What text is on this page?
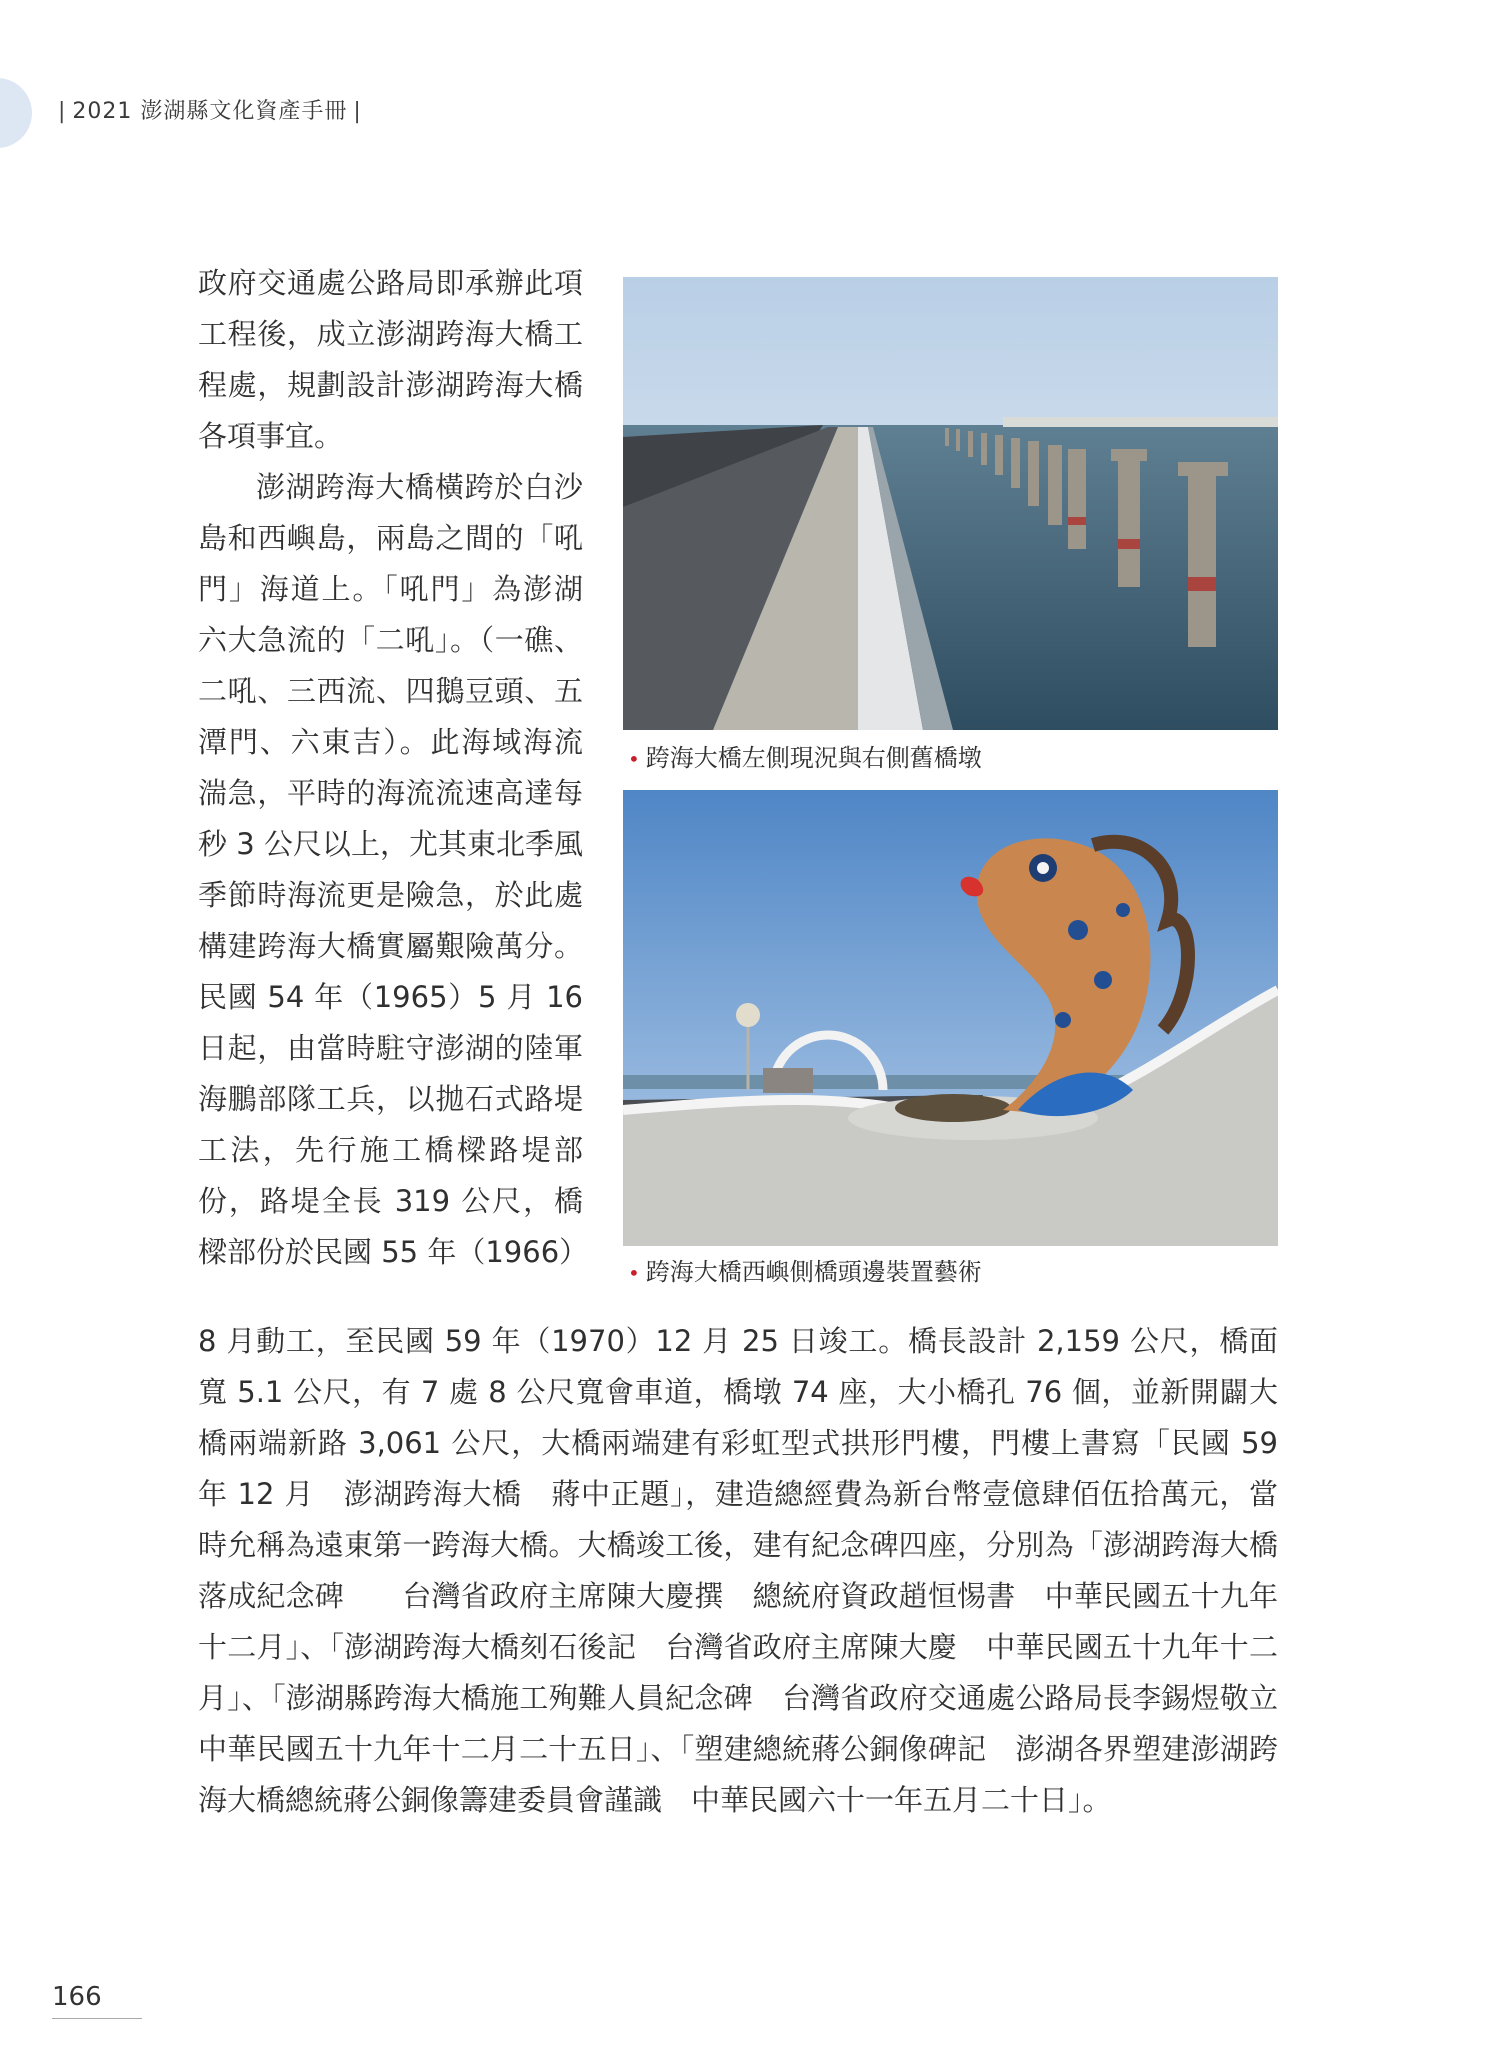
| 2021 澎湖縣文化資產手冊 |

政府交通處公路局即承辦此項工程後，成立澎湖跨海大橋工程處，規劃設計澎湖跨海大橋各項事宜。

澎湖跨海大橋橫跨於白沙島和西嶼島，兩島之間的「吼門」海道上。「吼門」為澎湖六大急流的「二吼」。（一礁、二吼、三西流、四鵝豆頭、五潭門、六東吉）。此海域海流湍急，平時的海流流速高達每秒 3 公尺以上，尤其東北季風季節時海流更是險急，於此處構建跨海大橋實屬艱險萬分。民國 54 年（1965）5 月 16 日起，由當時駐守澎湖的陸軍海鵬部隊工兵，以拋石式路堤工法，先行施工橋樑路堤部份，路堤全長 319 公尺，橋樑部份於民國 55 年（1966）

• 跨海大橋左側現況與右側舊橋墩
• 跨海大橋西嶼側橋頭邊裝置藝術

8 月動工，至民國 59 年（1970）12 月 25 日竣工。橋長設計 2,159 公尺，橋面寬 5.1 公尺，有 7 處 8 公尺寬會車道，橋墩 74 座，大小橋孔 76 個，並新開闢大橋兩端新路 3,061 公尺，大橋兩端建有彩虹型式拱形門樓，門樓上書寫「民國 59 年 12 月　澎湖跨海大橋　蔣中正題」，建造總經費為新台幣壹億肆佰伍拾萬元，當時允稱為遠東第一跨海大橋。大橋竣工後，建有紀念碑四座，分別為「澎湖跨海大橋落成紀念碑　　台灣省政府主席陳大慶撰　總統府資政趙恒惕書　中華民國五十九年十二月」、「澎湖跨海大橋刻石後記　台灣省政府主席陳大慶　中華民國五十九年十二月」、「澎湖縣跨海大橋施工殉難人員紀念碑　台灣省政府交通處公路局長李錫煜敬立　中華民國五十九年十二月二十五日」、「塑建總統蔣公銅像碑記　澎湖各界塑建澎湖跨海大橋總統蔣公銅像籌建委員會謹識　中華民國六十一年五月二十日」。

166
